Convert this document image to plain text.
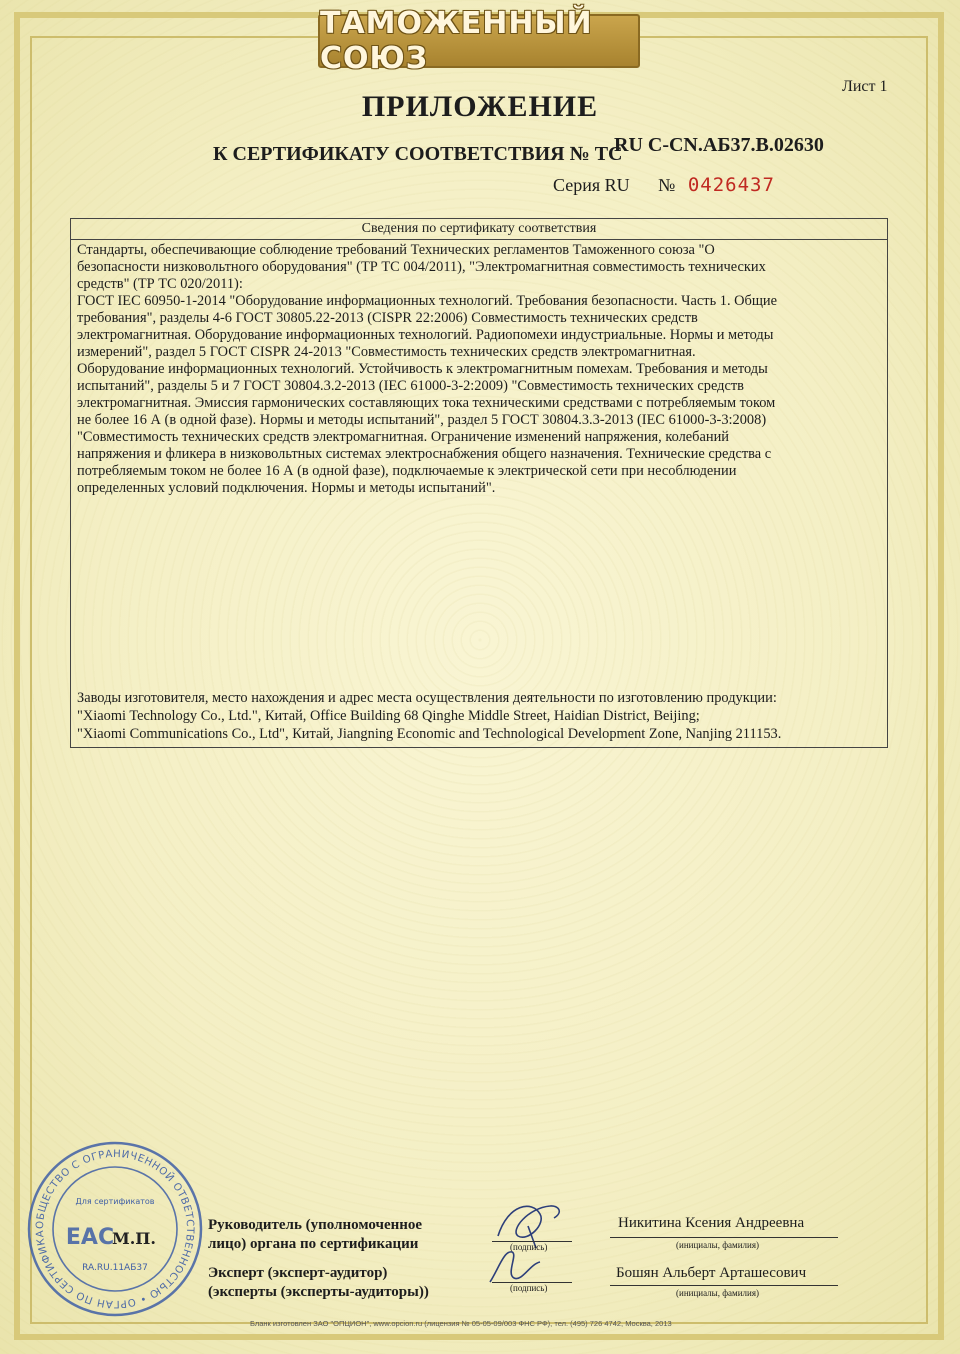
ТАМОЖЕННЫЙ СОЮЗ
Лист 1
ПРИЛОЖЕНИЕ
К СЕРТИФИКАТУ СООТВЕТСТВИЯ № ТС
RU С-CN.АБ37.В.02630
Серия RU № 0426437
Сведения по сертификату соответствия
Стандарты, обеспечивающие соблюдение требований Технических регламентов Таможенного союза "О
безопасности низковольтного оборудования" (ТР ТС 004/2011), "Электромагнитная совместимость технических
средств" (ТР ТС 020/2011):
ГОСТ IEC 60950-1-2014 "Оборудование информационных технологий. Требования безопасности. Часть 1. Общие
требования", разделы 4-6 ГОСТ 30805.22-2013 (CISPR 22:2006) Совместимость технических средств
электромагнитная. Оборудование информационных технологий. Радиопомехи индустриальные. Нормы и методы
измерений", раздел 5 ГОСТ CISPR 24-2013 "Совместимость технических средств электромагнитная.
Оборудование информационных технологий. Устойчивость к электромагнитным помехам. Требования и методы
испытаний", разделы 5 и 7 ГОСТ 30804.3.2-2013 (IEC 61000-3-2:2009) "Совместимость технических средств
электромагнитная. Эмиссия гармонических составляющих тока техническими средствами с потребляемым током
не более 16 А (в одной фазе). Нормы и методы испытаний", раздел 5 ГОСТ 30804.3.3-2013 (IEC 61000-3-3:2008)
"Совместимость технических средств электромагнитная. Ограничение изменений напряжения, колебаний
напряжения и фликера в низковольтных системах электроснабжения общего назначения. Технические средства с
потребляемым током не более 16 А (в одной фазе), подключаемые к электрической сети при несоблюдении
определенных условий подключения. Нормы и методы испытаний".
Заводы изготовителя, место нахождения и адрес места осуществления деятельности по изготовлению продукции:
"Xiaomi Technology Co., Ltd.", Китай, Office Building 68 Qinghe Middle Street, Haidian District, Beijing;
"Xiaomi Communications Co., Ltd", Китай, Jiangning Economic and Technological Development Zone, Nanjing 211153.
ОБЩЕСТВО С ОГРАНИЧЕННОЙ ОТВЕТСТВЕННОСТЬЮ • ОРГАН ПО СЕРТИФИКА
Для сертификатов
ЕАС
М.П.
RA.RU.11АБ37
Руководитель (уполномоченное
лицо) органа по сертификации	(подпись)
Никитина Ксения Андреевна
(инициалы, фамилия)
Эксперт (эксперт-аудитор)
(эксперты (эксперты-аудиторы))	(подпись)
Бошян Альберт Арташесович
(инициалы, фамилия)
Бланк изготовлен ЗАО "ОПЦИОН", www.opcion.ru (лицензия № 05-05-09/003 ФНС РФ), тел. (495) 726 4742, Москва, 2013
